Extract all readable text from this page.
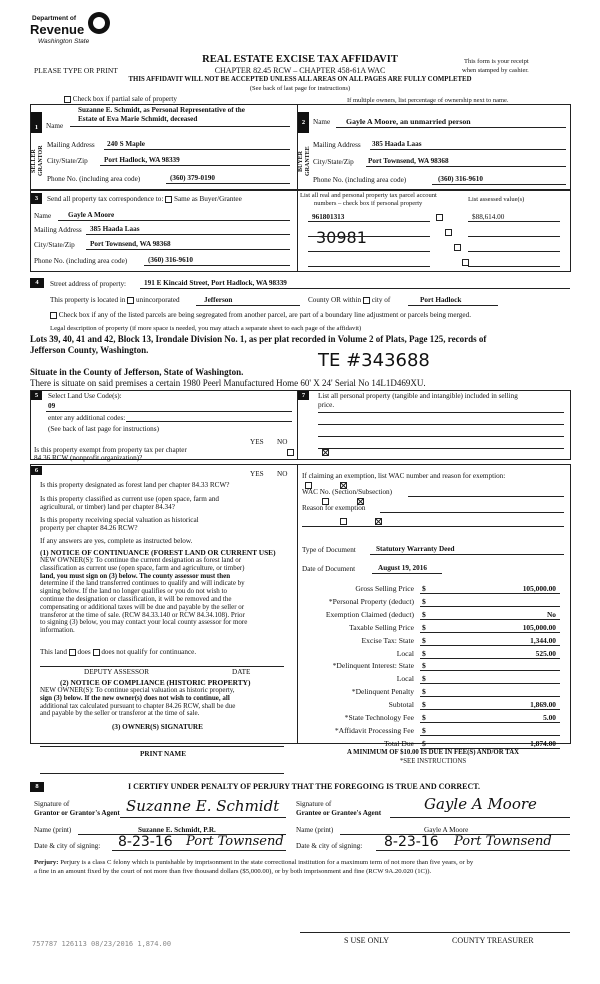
Department of
Revenue
Washington State
REAL ESTATE EXCISE TAX AFFIDAVIT
PLEASE TYPE OR PRINT	CHAPTER 82.45 RCW – CHAPTER 458-61A WAC
This form is your receipt
when stamped by cashier.
THIS AFFIDAVIT WILL NOT BE ACCEPTED UNLESS ALL AREAS ON ALL PAGES ARE FULLY COMPLETED
(See back of last page for instructions)
Check box if partial sale of property	If multiple owners, list percentage of ownership next to name.
1
2
SELLER GRANTOR	BUYER GRANTEE
Name
Suzanne E. Schmidt, as Personal Representative of the
Estate of Eva Marie Schmidt, deceased
Mailing Address 240 S Maple
City/State/Zip Port Hadlock, WA 98339
Phone No. (including area code)	(360) 379-0190
Name Gayle A Moore, an unmarried person
Mailing Address 385 Haada Laas
City/State/Zip Port Townsend, WA 98368
Phone No. (including area code)	(360) 316-9610
3	Send all property tax correspondence to: Same as Buyer/Grantee
Name Gayle A Moore
Mailing Address 385 Haada Laas
City/State/Zip Port Townsend, WA 98368
Phone No. (including area code)	(360) 316-9610
List all real and personal property tax parcel account
numbers – check box if personal property
List assessed value(s)
961801313
	$88,614.00
30981

4	Street address of property: 191 E Kincaid Street, Port Hadlock, WA 98339
This property is located in unincorporated	Jefferson	County OR within city of	Port Hadlock
Check box if any of the listed parcels are being segregated from another parcel, are part of a boundary line adjustment or parcels being merged.
Legal description of property (if more space is needed, you may attach a separate sheet to each page of the affidavit)
Lots 39, 40, 41 and 42, Block 13, Irondale Division No. 1, as per plat recorded in Volume 2 of Plats, Page 125, records of
Jefferson County, Washington.	TE #343688
Situate in the County of Jefferson, State of Washington.
There is situate on said premises a certain 1980 Peerl Manufactured Home 60' X 24' Serial No 14L1D469XU.
5	Select Land Use Code(s):
09
enter any additional codes:
(See back of last page for instructions)
YES NO
Is this property exempt from property tax per chapter
84.36 RCW (nonprofit organization)?

7	List all personal property (tangible and intangible) included in selling
price.
6	YES NO
Is this property designated as forest land per chapter 84.33 RCW?

Is this property classified as current use (open space, farm and
agricultural, or timber) land per chapter 84.34?

Is this property receiving special valuation as historical
property per chapter 84.26 RCW?

If any answers are yes, complete as instructed below.
(1) NOTICE OF CONTINUANCE (FOREST LAND OR CURRENT USE)
NEW OWNER(S): To continue the current designation as forest land or
classification as current use (open space, farm and agriculture, or timber)
land, you must sign on (3) below. The county assessor must then
determine if the land transferred continues to qualify and will indicate by
signing below. If the land no longer qualifies or you do not wish to
continue the designation or classification, it will be removed and the
compensating or additional taxes will be due and payable by the seller or
transferor at the time of sale. (RCW 84.33.140 or RCW 84.34.108). Prior
to signing (3) below, you may contact your local county assessor for more
information.
This land does does not qualify for continuance.
DEPUTY ASSESSOR	DATE
(2) NOTICE OF COMPLIANCE (HISTORIC PROPERTY)
NEW OWNER(S): To continue special valuation as historic property,
sign (3) below. If the new owner(s) does not wish to continue, all
additional tax calculated pursuant to chapter 84.26 RCW, shall be due
and payable by the seller or transferor at the time of sale.
(3) OWNER(S) SIGNATURE
PRINT NAME
If claiming an exemption, list WAC number and reason for exemption:
WAC No. (Section/Subsection)
Reason for exemption
Type of Document	Statutory Warranty Deed
Date of Document	August 19, 2016
Gross Selling Price $	105,000.00
*Personal Property (deduct) $
Exemption Claimed (deduct) $	No
Taxable Selling Price $	105,000.00
Excise Tax: State $	1,344.00
Local $	525.00
*Delinquent Interest: State $
Local $
*Delinquent Penalty $
Subtotal $	1,869.00
*State Technology Fee $	5.00
*Affidavit Processing Fee $
Total Due $	1,874.00
A MINIMUM OF $10.00 IS DUE IN FEE(S) AND/OR TAX
*SEE INSTRUCTIONS
8	I CERTIFY UNDER PENALTY OF PERJURY THAT THE FOREGOING IS TRUE AND CORRECT.
Signature of
Grantor or Grantor's Agent Suzanne E. Schmidt
Name (print)	Suzanne E. Schmidt, P.R.
Date & city of signing: 8-23-16 Port Townsend
Signature of
Grantee or Grantee's Agent	Gayle A Moore
Name (print)	Gayle A Moore
Date & city of signing: 8-23-16 Port Townsend
Perjury: Perjury is a class C felony which is punishable by imprisonment in the state correctional institution for a maximum term of not more than five years, or by
a fine in an amount fixed by the court of not more than five thousand dollars ($5,000.00), or by both imprisonment and fine (RCW 9A.20.020 (1C)).
757787 126113 08/23/2016 1,874.00	S USE ONLY	COUNTY TREASURER
